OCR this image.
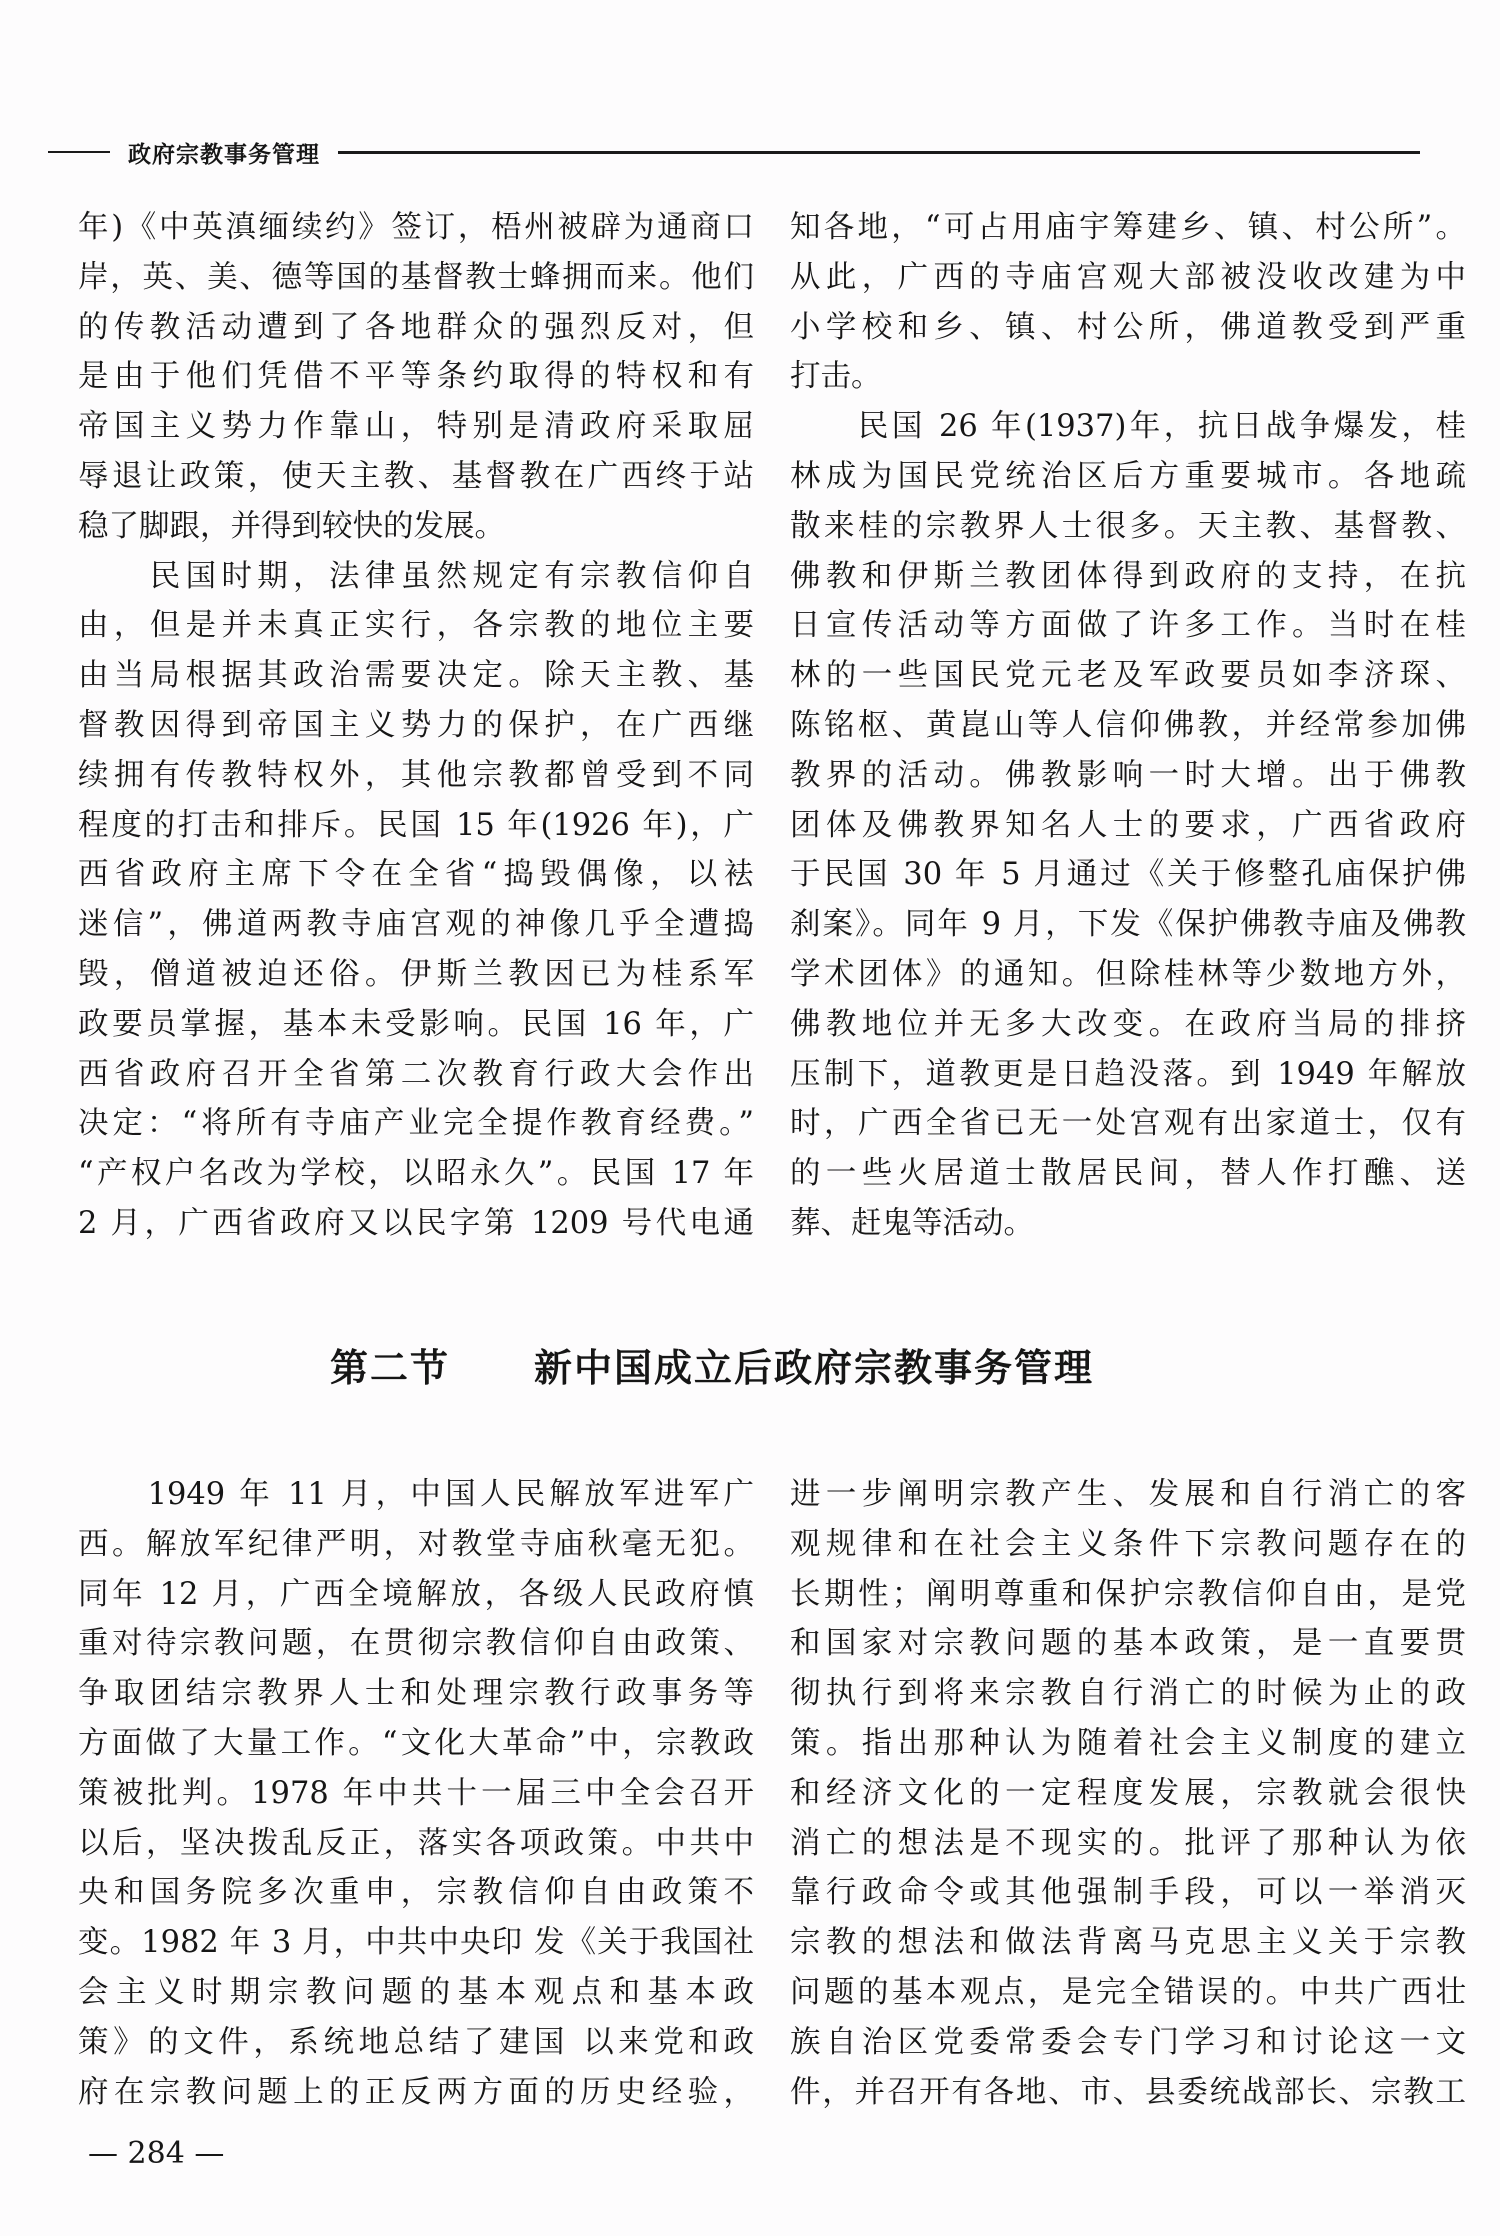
政府宗教事务管理

年)《中英滇缅续约》签订，梧州被辟为通商口

岸，英、美、德等国的基督教士蜂拥而来。他们

的传教活动遭到了各地群众的强烈反对，但

是由于他们凭借不平等条约取得的特权和有

帝国主义势力作靠山，特别是清政府采取屈

辱退让政策，使天主教、基督教在广西终于站

稳了脚跟，并得到较快的发展。

　　民国时期，法律虽然规定有宗教信仰自

由，但是并未真正实行，各宗教的地位主要

由当局根据其政治需要决定。除天主教、基

督教因得到帝国主义势力的保护，在广西继

续拥有传教特权外，其他宗教都曾受到不同

程度的打击和排斥。民国 15 年(1926 年)，广

西省政府主席下令在全省“捣毁偶像，以袪

迷信”，佛道两教寺庙宫观的神像几乎全遭捣

毁，僧道被迫还俗。伊斯兰教因已为桂系军

政要员掌握，基本未受影响。民国 16 年，广

西省政府召开全省第二次教育行政大会作出

决定：“将所有寺庙产业完全提作教育经费。”

“产权户名改为学校，以昭永久”。民国 17 年

2 月，广西省政府又以民字第 1209 号代电通

知各地，“可占用庙宇筹建乡、镇、村公所”。

从此，广西的寺庙宫观大部被没收改建为中

小学校和乡、镇、村公所，佛道教受到严重

打击。

　　民国 26 年(1937)年，抗日战争爆发，桂

林成为国民党统治区后方重要城市。各地疏

散来桂的宗教界人士很多。天主教、基督教、

佛教和伊斯兰教团体得到政府的支持，在抗

日宣传活动等方面做了许多工作。当时在桂

林的一些国民党元老及军政要员如李济琛、

陈铭枢、黄崑山等人信仰佛教，并经常参加佛

教界的活动。佛教影响一时大增。出于佛教

团体及佛教界知名人士的要求，广西省政府

于民国 30 年 5 月通过《关于修整孔庙保护佛

刹案》。同年 9 月，下发《保护佛教寺庙及佛教

学术团体》的通知。但除桂林等少数地方外，

佛教地位并无多大改变。在政府当局的排挤

压制下，道教更是日趋没落。到 1949 年解放

时，广西全省已无一处宫观有出家道士，仅有

的一些火居道士散居民间，替人作打醮、送

葬、赶鬼等活动。

第二节 新中国成立后政府宗教事务管理

　　1949 年 11 月，中国人民解放军进军广

西。解放军纪律严明，对教堂寺庙秋毫无犯。

同年 12 月，广西全境解放，各级人民政府慎

重对待宗教问题，在贯彻宗教信仰自由政策、

争取团结宗教界人士和处理宗教行政事务等

方面做了大量工作。“文化大革命”中，宗教政

策被批判。1978 年中共十一届三中全会召开

以后，坚决拨乱反正，落实各项政策。中共中

央和国务院多次重申，宗教信仰自由政策不

变。1982 年 3 月，中共中央印 发《关于我国社

会主义时期宗教问题的基本观点和基本政

策》的文件，系统地总结了建国 以来党和政

府在宗教问题上的正反两方面的历史经验，

进一步阐明宗教产生、发展和自行消亡的客

观规律和在社会主义条件下宗教问题存在的

长期性；阐明尊重和保护宗教信仰自由，是党

和国家对宗教问题的基本政策，是一直要贯

彻执行到将来宗教自行消亡的时候为止的政

策。指出那种认为随着社会主义制度的建立

和经济文化的一定程度发展，宗教就会很快

消亡的想法是不现实的。批评了那种认为依

靠行政命令或其他强制手段，可以一举消灭

宗教的想法和做法背离马克思主义关于宗教

问题的基本观点，是完全错误的。中共广西壮

族自治区党委常委会专门学习和讨论这一文

件，并召开有各地、市、县委统战部长、宗教工

— 284 —
